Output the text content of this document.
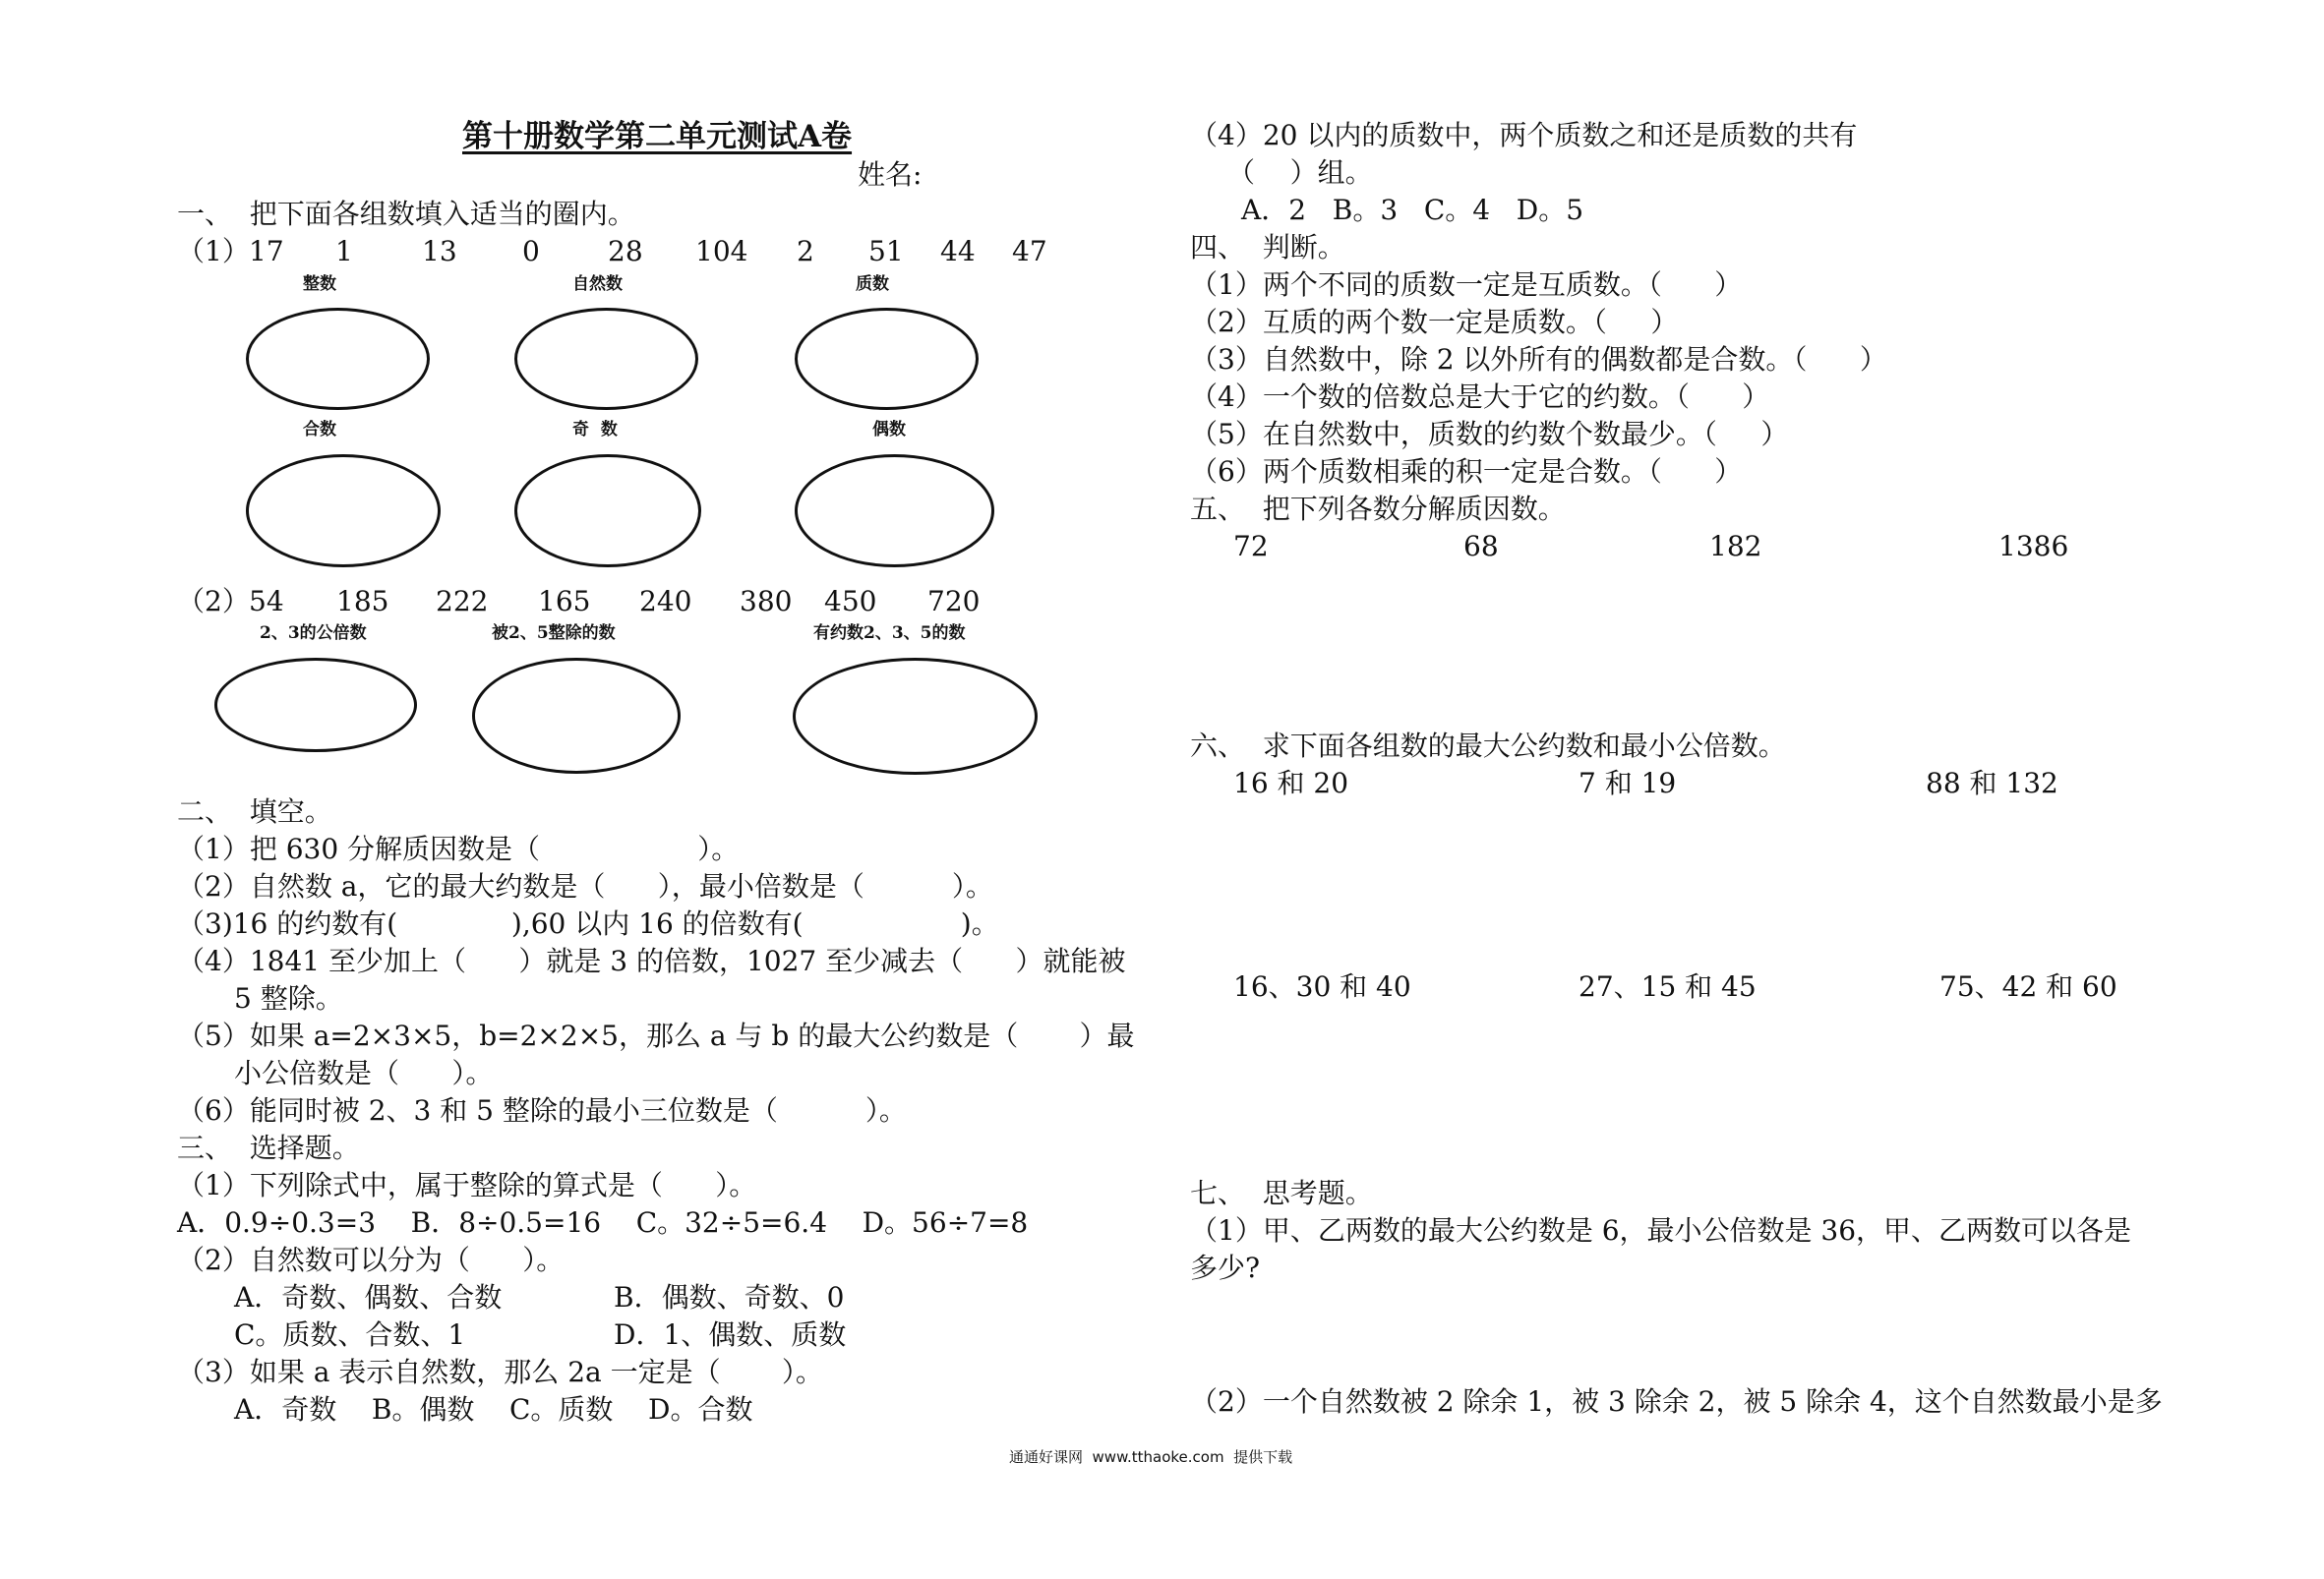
第十册数学第二单元测试A卷
姓名:
一、  把下面各组数填入适当的圈内。
（1） 17 1	13 0 28 104 2 51 44 47
整数	自然数	质数
合数	奇  数	偶数
（2） 54 185 222 165 240 380 450 720
2、3的公倍数	被2、5整除的数	有约数2、3、5的数
二、  填空。
（1）把 630 分解质因数是（                  ）。
（2）自然数 a，它的最大约数是（      ），最小倍数是（          ）。
（3)16 的约数有(             ),60 以内 16 的倍数有(                  )。
（4）1841 至少加上（      ）就是 3 的倍数，1027 至少减去（      ）就能被
5 整除。
（5）如果 a=2×3×5，b=2×2×5，那么 a 与 b 的最大公约数是（       ）最
小公倍数是（      ）。
（6）能同时被 2、3 和 5 整除的最小三位数是（          ）。
三、  选择题。
（1）下列除式中，属于整除的算式是（      ）。
A．0.9÷0.3=3    B．8÷0.5=16    C。32÷5=6.4    D。56÷7=8
（2）自然数可以分为（      ）。
A．奇数、偶数、合数	B．偶数、奇数、0
C。质数、合数、1	D．1、偶数、质数
（3）如果 a 表示自然数，那么 2a 一定是（       ）。
A．奇数    B。偶数    C。质数    D。合数
（4）20 以内的质数中，两个质数之和还是质数的共有
（    ）组。
A．2   B。3   C。4   D。5
四、  判断。
（1）两个不同的质数一定是互质数。（      ）
（2）互质的两个数一定是质数。（     ）
（3）自然数中，除 2 以外所有的偶数都是合数。（      ）
（4）一个数的倍数总是大于它的约数。（      ）
（5）在自然数中，质数的约数个数最少。（     ）
（6）两个质数相乘的积一定是合数。（      ）
五、  把下列各数分解质因数。
72	68	182	1386
六、  求下面各组数的最大公约数和最小公倍数。
16 和 20	7 和 19	88 和 132
16、30 和 40	27、15 和 45	75、42 和 60
七、  思考题。
（1）甲、乙两数的最大公约数是 6，最小公倍数是 36，甲、乙两数可以各是
多少?
（2）一个自然数被 2 除余 1，被 3 除余 2，被 5 除余 4，这个自然数最小是多
通通好课网  www.tthaoke.com  提供下载
